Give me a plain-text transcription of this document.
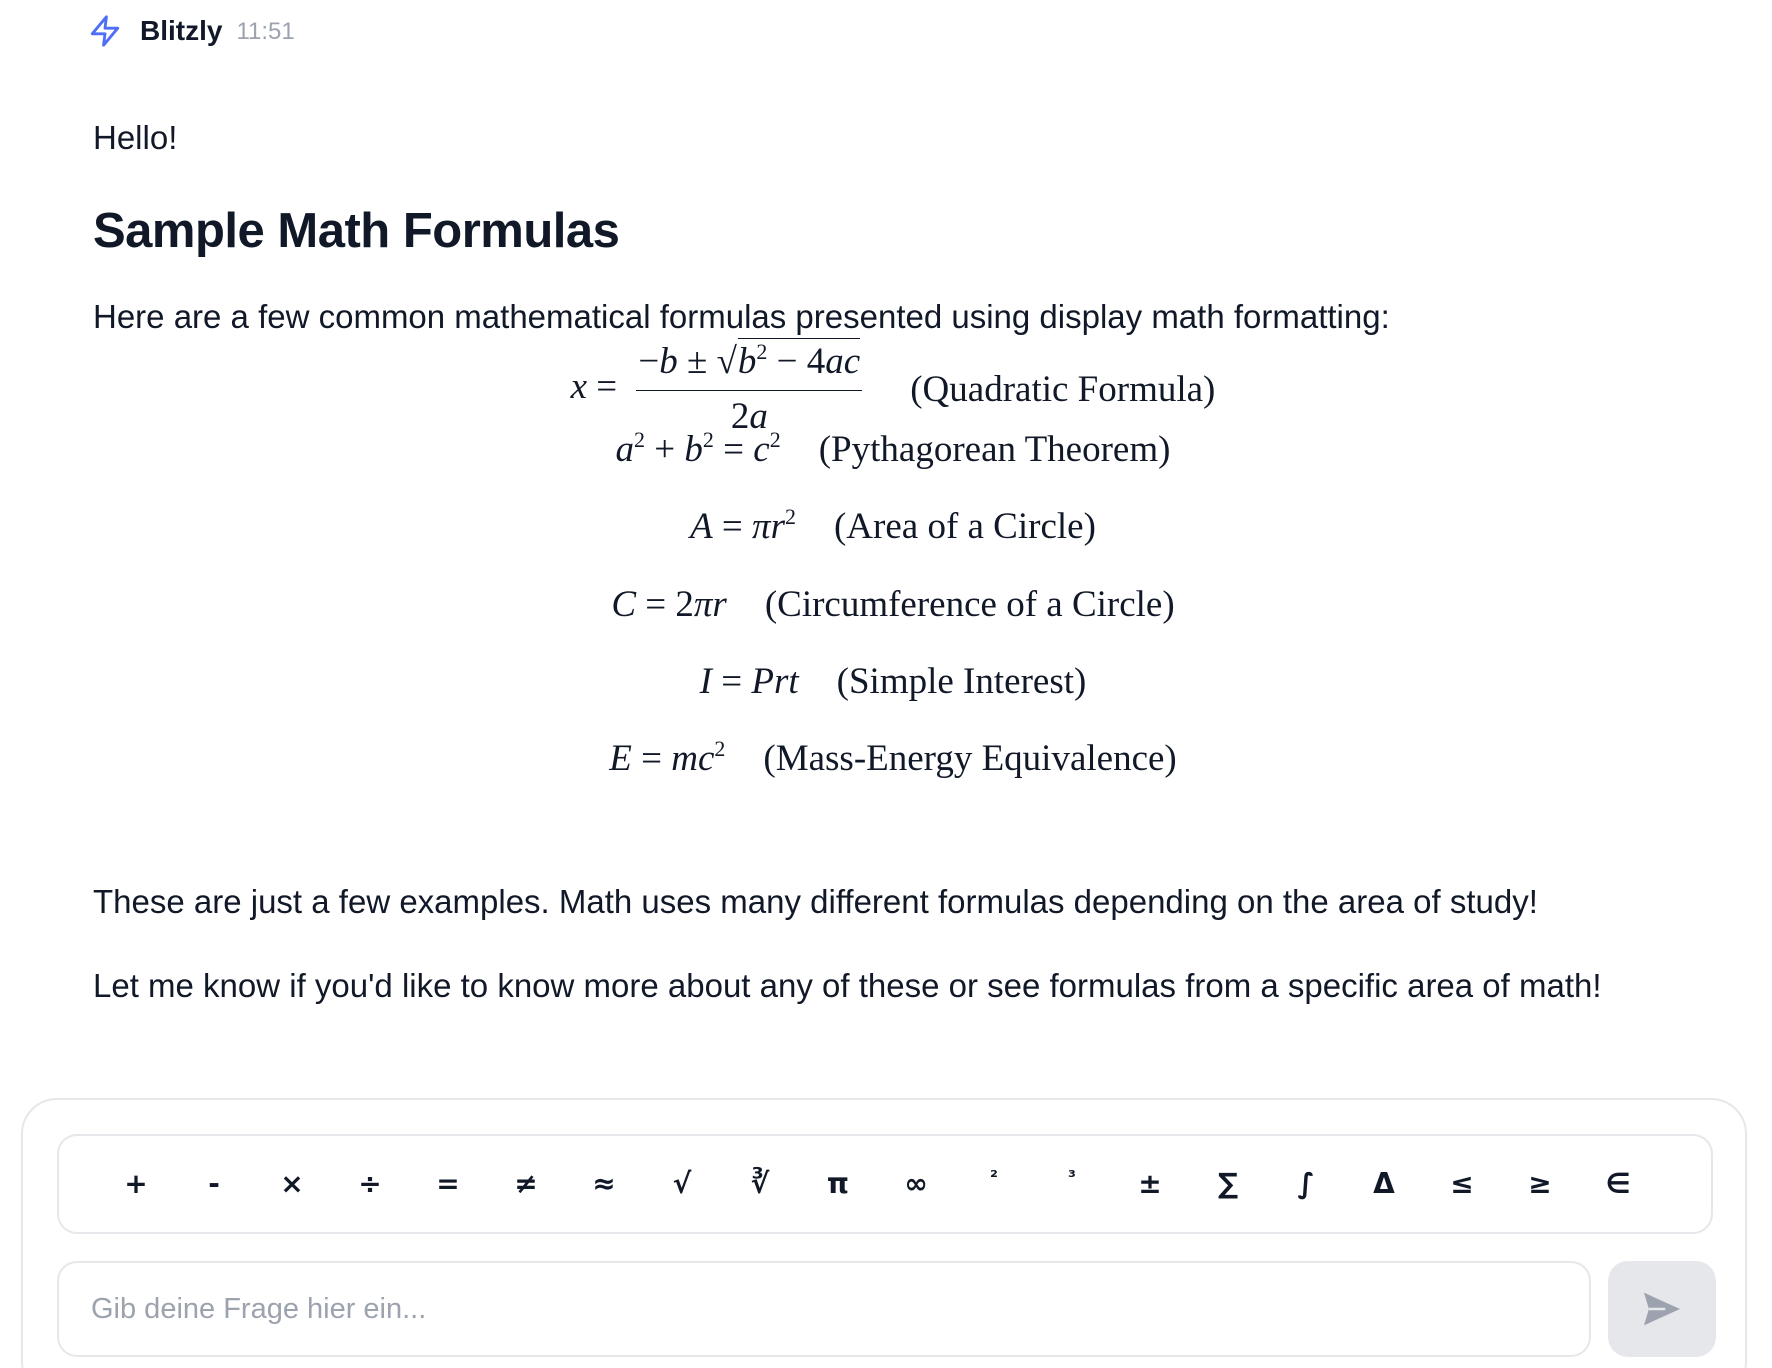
Blitzly 11:51

Hello!

Sample Math Formulas

Here are a few common mathematical formulas presented using display math formatting:

$x = \frac{-b \pm √b^2 - 4ac}{2a}$ (Quadratic Formula)
$a^2 + b^2 = c^2$ (Pythagorean Theorem)
$A = \pi r^2$ (Area of a Circle)
C = 2πr (Circumference of a Circle)
I = Prt (Simple Interest)
$E = mc^2$ (Mass-Energy Equivalence)

These are just a few examples. Math uses many different formulas depending on the area of study!

Let me know if you'd like to know more about any of these or see formulas from a specific area of math!

+	-	×	÷	=	≠	≈	√	∛	π	∞	²	³	±	∑	∫	Δ	≤	≥	∈
Gib deine Frage hier ein...
